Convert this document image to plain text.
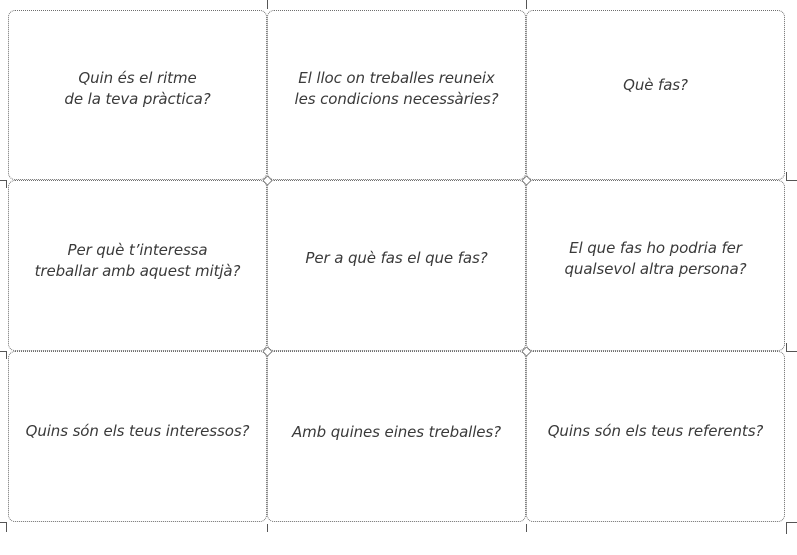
Quin és el ritme
de la teva pràctica?
El lloc on treballes reuneix
les condicions necessàries?
Què fas?
Per què t’interessa
treballar amb aquest mitjà?
Per a què fas el que fas?
El que fas ho podria fer
qualsevol altra persona?
Quins són els teus interessos?	Amb quines eines treballes?	Quins són els teus referents?
